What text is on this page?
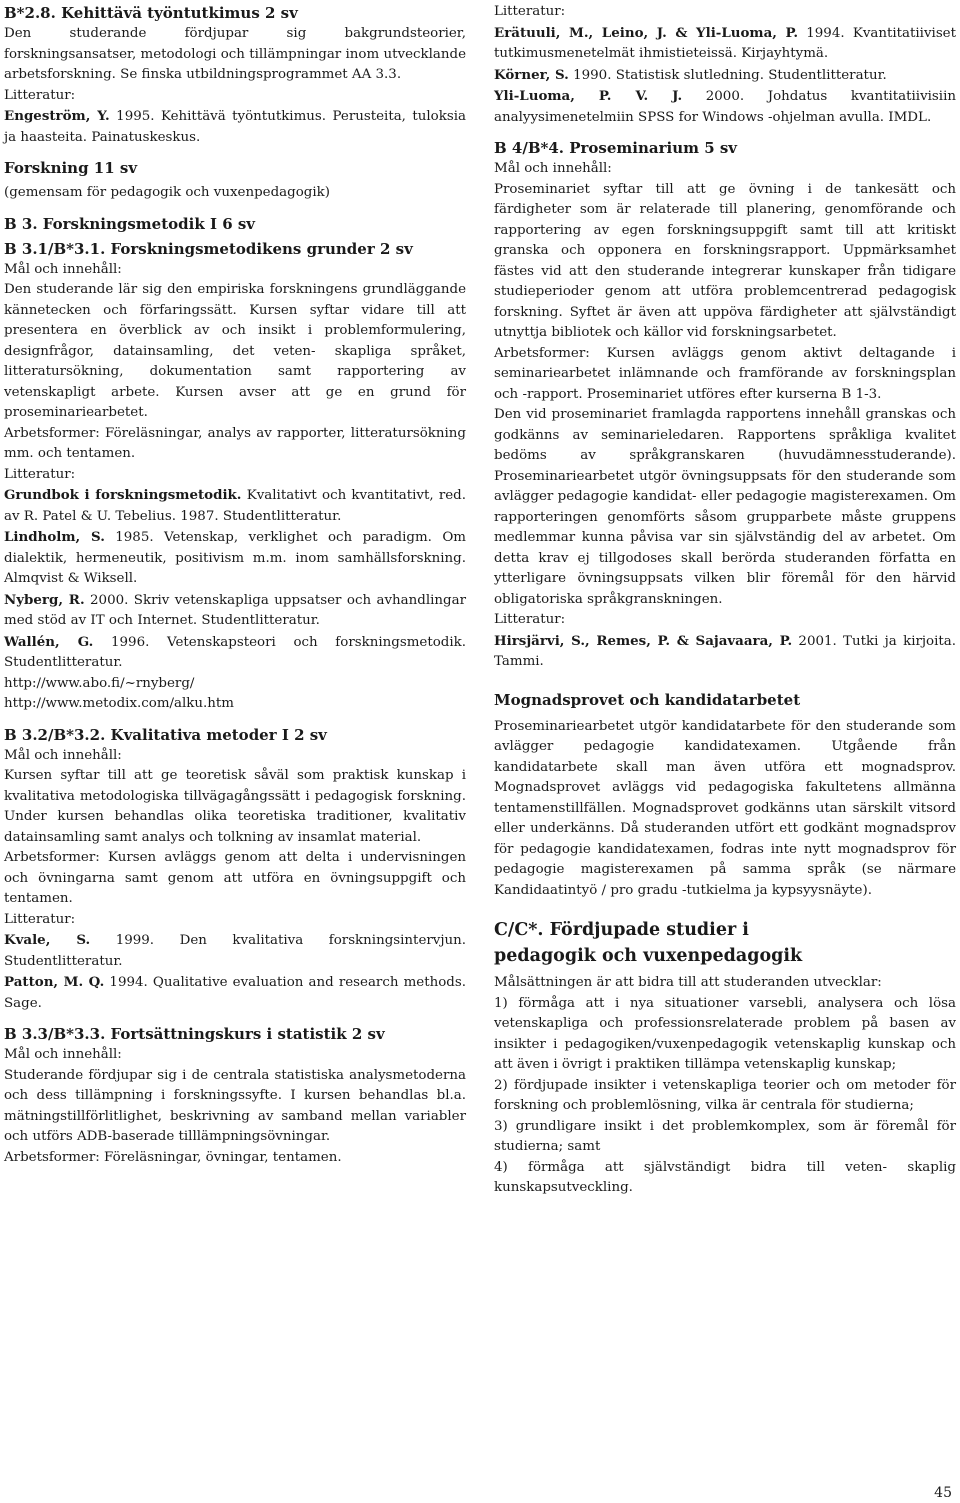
B*2.8. Kehittävä työntutkimus 2 sv

Den studerande fördjupar sig bakgrundsteorier, forskningsansatser, metodologi och tillämpningar inom utvecklande arbetsforskning. Se finska utbildningsprogrammet AA 3.3.

Litteratur:

Engeström, Y. 1995. Kehittävä työntutkimus. Perusteita, tuloksia ja haasteita. Painatuskeskus.

Forskning 11 sv
(gemensam för pedagogik och vuxenpedagogik)
B 3. Forskningsmetodik I 6 sv
B 3.1/B*3.1. Forskningsmetodikens grunder 2 sv
Mål och innehåll:

Den studerande lär sig den empiriska forskningens grundläggande kännetecken och förfaringssätt. Kursen syftar vidare till att presentera en överblick av och insikt i problemformulering, designfrågor, datainsamling, det veten- skapliga språket, litteratursökning, dokumentation samt rapportering av vetenskapligt arbete. Kursen avser att ge en grund för proseminariearbetet.

Arbetsformer: Föreläsningar, analys av rapporter, litteratursökning mm. och tentamen.

Litteratur:

Grundbok i forskningsmetodik. Kvalitativt och kvantitativt, red. av R. Patel & U. Tebelius. 1987. Studentlitteratur.

Lindholm, S. 1985. Vetenskap, verklighet och paradigm. Om dialektik, hermeneutik, positivism m.m. inom samhällsforskning. Almqvist & Wiksell.

Nyberg, R. 2000. Skriv vetenskapliga uppsatser och avhandlingar med stöd av IT och Internet. Studentlitteratur.

Wallén, G. 1996. Vetenskapsteori och forskningsmetodik. Studentlitteratur.

http://www.abo.fi/~rnyberg/
http://www.metodix.com/alku.htm
B 3.2/B*3.2. Kvalitativa metoder I 2 sv
Mål och innehåll:

Kursen syftar till att ge teoretisk såväl som praktisk kunskap i kvalitativa metodologiska tillvägagångssätt i pedagogisk forskning. Under kursen behandlas olika teoretiska traditioner, kvalitativ datainsamling samt analys och tolkning av insamlat material.

Arbetsformer: Kursen avläggs genom att delta i undervisningen och övningarna samt genom att utföra en övningsuppgift och tentamen.

Litteratur:

Kvale, S. 1999. Den kvalitativa forskningsintervjun. Studentlitteratur.

Patton, M. Q. 1994. Qualitative evaluation and research methods. Sage.

B 3.3/B*3.3. Fortsättningskurs i statistik 2 sv
Mål och innehåll:

Studerande fördjupar sig i de centrala statistiska analysmetoderna och dess tillämpning i forskningssyfte. I kursen behandlas bl.a. mätningstillförlitlighet, beskrivning av samband mellan variabler och utförs ADB-baserade tilllämpningsövningar.

Arbetsformer: Föreläsningar, övningar, tentamen.

Litteratur:

Erätuuli, M., Leino, J. & Yli-Luoma, P. 1994. Kvantitatiiviset tutkimusmenetelmät ihmistieteissä. Kirjayhtymä.

Körner, S. 1990. Statistisk slutledning. Studentlitteratur.

Yli-Luoma, P. V. J. 2000. Johdatus kvantitatiivisiin analyysimenetelmiin SPSS for Windows -ohjelman avulla. IMDL.

B 4/B*4. Proseminarium 5 sv
Mål och innehåll:

Proseminariet syftar till att ge övning i de tankesätt och färdigheter som är relaterade till planering, genomförande och rapportering av egen forskningsuppgift samt till att kritiskt granska och opponera en forskningsrapport. Uppmärksamhet fästes vid att den studerande integrerar kunskaper från tidigare studieperioder genom att utföra problemcentrerad pedagogisk forskning. Syftet är även att uppöva färdigheter att självständigt utnyttja bibliotek och källor vid forskningsarbetet.

Arbetsformer: Kursen avläggs genom aktivt deltagande i seminariearbetet inlämnande och framförande av forskningsplan och -rapport. Proseminariet utföres efter kurserna B 1-3.

Den vid proseminariet framlagda rapportens innehåll granskas och godkänns av seminarieledaren. Rapportens språkliga kvalitet bedöms av språkgranskaren (huvudämnesstuderande). Proseminariearbetet utgör övningsuppsats för den studerande som avlägger pedagogie kandidat- eller pedagogie magisterexamen. Om rapporteringen genomförts såsom grupparbete måste gruppens medlemmar kunna påvisa var sin självständig del av arbetet. Om detta krav ej tillgodoses skall berörda studeranden författa en ytterligare övningsuppsats vilken blir föremål för den härvid obligatoriska språkgranskningen.

Litteratur:

Hirsjärvi, S., Remes, P. & Sajavaara, P. 2001. Tutki ja kirjoita. Tammi.

Mognadsprovet och kandidatarbetet

Proseminariearbetet utgör kandidatarbete för den studerande som avlägger pedagogie kandidatexamen. Utgående från kandidatarbete skall man även utföra ett mognadsprov. Mognadsprovet avläggs vid pedagogiska fakultetens allmänna tentamenstillfällen. Mognadsprovet godkänns utan särskilt vitsord eller underkänns. Då studeranden utfört ett godkänt mognadsprov för pedagogie kandidatexamen, fodras inte nytt mognadsprov för pedagogie magisterexamen på samma språk (se närmare Kandidaatintyö / pro gradu -tutkielma ja kypsyysnäyte).

C/C*. Fördjupade studier i
pedagogik och vuxenpedagogik
Målsättningen är att bidra till att studeranden utvecklar:

1) förmåga att i nya situationer varsebli, analysera och lösa vetenskapliga och professionsrelaterade problem på basen av insikter i pedagogiken/vuxenpedagogik vetenskaplig kunskap och att även i övrigt i praktiken tillämpa vetenskaplig kunskap;

2) fördjupade insikter i vetenskapliga teorier och om metoder för forskning och problemlösning, vilka är centrala för studierna;

3) grundligare insikt i det problemkomplex, som är föremål för studierna; samt

4) förmåga att självständigt bidra till veten- skaplig kunskapsutveckling.

45
